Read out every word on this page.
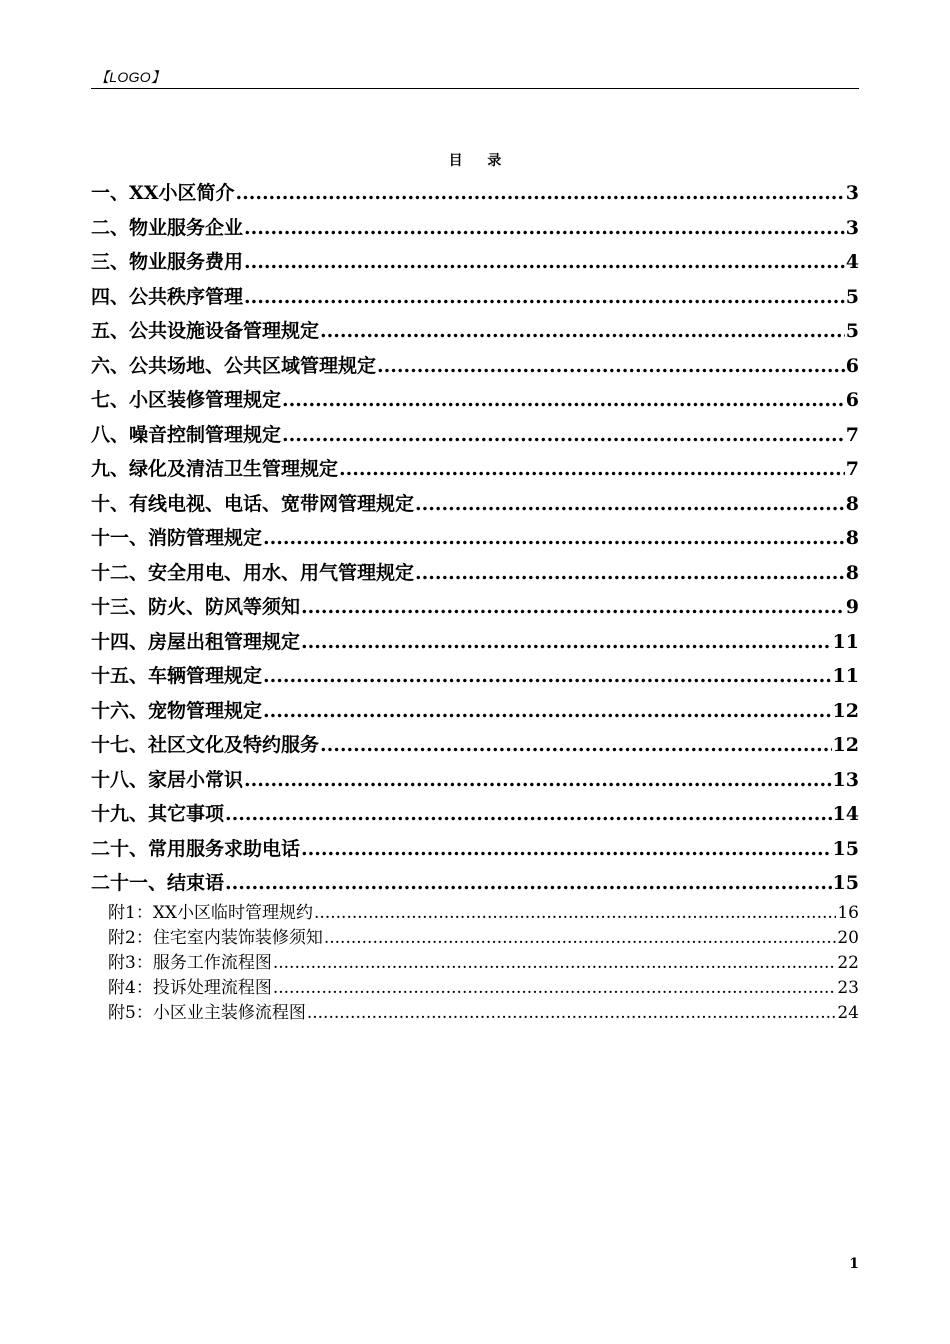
【LOGO】
目 录
一、XX小区简介 .....	3
二、物业服务企业 .....	3
三、物业服务费用 .....	4
四、公共秩序管理 .....	5
五、公共设施设备管理规定 .....	5
六、公共场地、公共区域管理规定 .....	6
七、小区装修管理规定 .....	6
八、噪音控制管理规定 .....	7
九、绿化及清洁卫生管理规定 .....	7
十、有线电视、电话、宽带网管理规定 .....	8
十一、消防管理规定 .....	8
十二、安全用电、用水、用气管理规定 .....	8
十三、防火、防风等须知 .....	9
十四、房屋出租管理规定 .....	11
十五、车辆管理规定 .....	11
十六、宠物管理规定 .....	12
十七、社区文化及特约服务 .....	12
十八、家居小常识 .....	13
十九、其它事项 .....	14
二十、常用服务求助电话 .....	15
二十一、结束语 .....	15
附1：XX小区临时管理规约 .....	16
附2：住宅室内装饰装修须知 .....	20
附3：服务工作流程图 .....	22
附4：投诉处理流程图 .....	23
附5：小区业主装修流程图 .....	24
1
